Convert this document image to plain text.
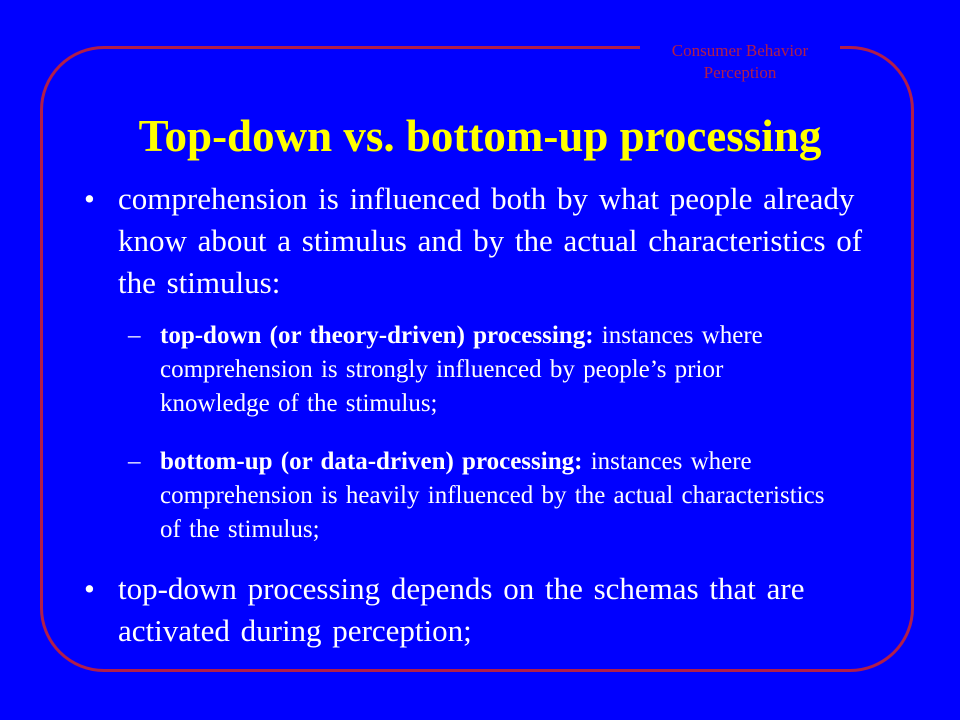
Consumer Behavior
Perception
Top-down vs. bottom-up processing
• comprehension is influenced both by what people already know about a stimulus and by the actual characteristics of the stimulus:
– top-down (or theory-driven) processing: instances where comprehension is strongly influenced by people’s prior knowledge of the stimulus;
– bottom-up (or data-driven) processing: instances where comprehension is heavily influenced by the actual characteristics of the stimulus;
• top-down processing depends on the schemas that are activated during perception;
